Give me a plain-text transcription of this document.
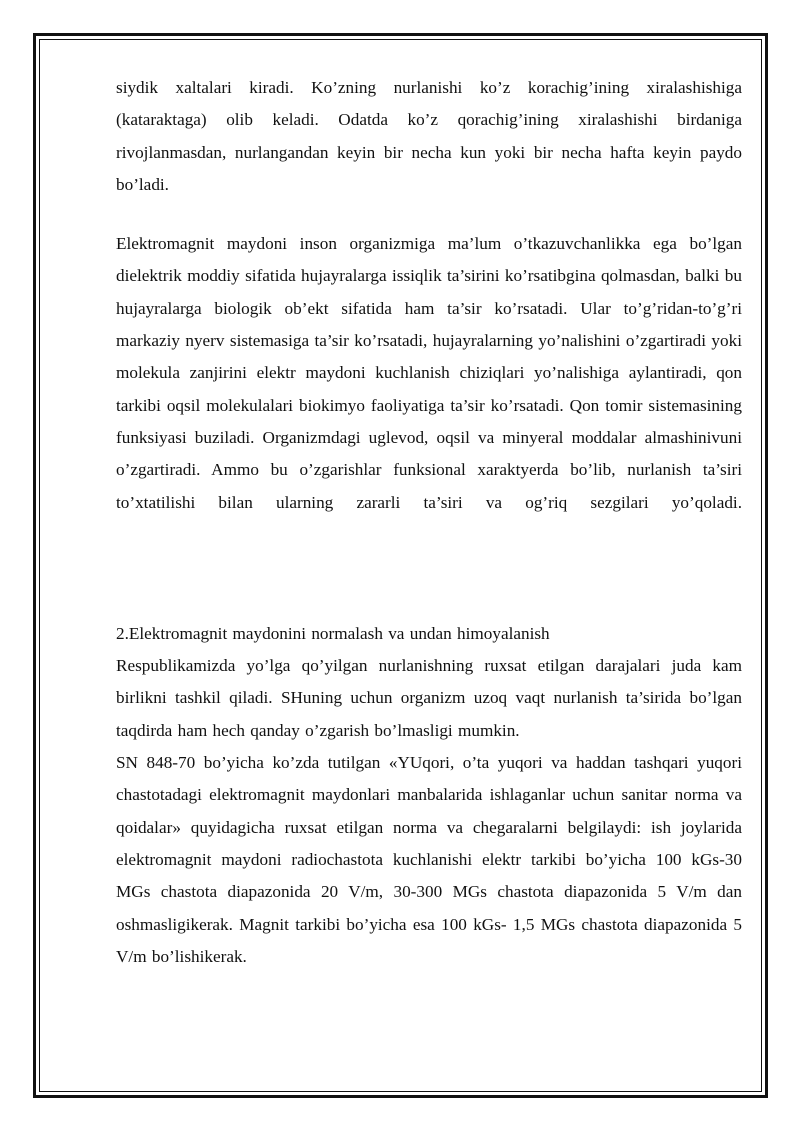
siydik xaltalari kiradi. Ko’zning nurlanishi ko’z korachig’ining xiralashishiga (kataraktaga) olib keladi. Odatda ko’z qorachig’ining xiralashishi birdaniga rivojlanmasdan, nurlangandan keyin bir necha kun yoki bir necha hafta keyin paydo bo’ladi.

Elektromagnit maydoni inson organizmiga ma’lum o’tkazuvchanlikka ega bo’lgan dielektrik moddiy sifatida hujayralarga issiqlik ta’sirini ko’rsatibgina qolmasdan, balki bu hujayralarga biologik ob’ekt sifatida ham ta’sir ko’rsatadi. Ular to’g’ridan-to’g’ri markaziy nyerv sistemasiga ta’sir ko’rsatadi, hujayralarning yo’nalishini o’zgartiradi yoki molekula zanjirini elektr maydoni kuchlanish chiziqlari yo’nalishiga aylantiradi, qon tarkibi oqsil molekulalari biokimyo faoliyatiga ta’sir ko’rsatadi. Qon tomir sistemasining funksiyasi buziladi. Organizmdagi uglevod, oqsil va minyeral moddalar almashinivuni o’zgartiradi. Ammo bu o’zgarishlar funksional xaraktyerda bo’lib, nurlanish ta’siri to’xtatilishi bilan ularning zararli ta’siri va og’riq sezgilari yo’qoladi.

2.Elektromagnit maydonini normalash va undan himoyalanish

Respublikamizda yo’lga qo’yilgan nurlanishning ruxsat etilgan darajalari juda kam birlikni tashkil qiladi. SHuning uchun organizm uzoq vaqt nurlanish ta’sirida bo’lgan taqdirda ham hech qanday o’zgarish bo’lmasligi mumkin.

SN 848-70 bo’yicha ko’zda tutilgan «YUqori, o’ta yuqori va haddan tashqari yuqori chastotadagi elektromagnit maydonlari manbalarida ishlaganlar uchun sanitar norma va qoidalar» quyidagicha ruxsat etilgan norma va chegaralarni belgilaydi: ish joylarida elektromagnit maydoni radiochastota kuchlanishi elektr tarkibi bo’yicha 100 kGs-30 MGs chastota diapazonida 20 V/m, 30-300 MGs chastota diapazonida 5 V/m dan oshmasligikerak. Magnit tarkibi bo’yicha esa 100 kGs- 1,5 MGs chastota diapazonida 5 V/m bo’lishikerak.
